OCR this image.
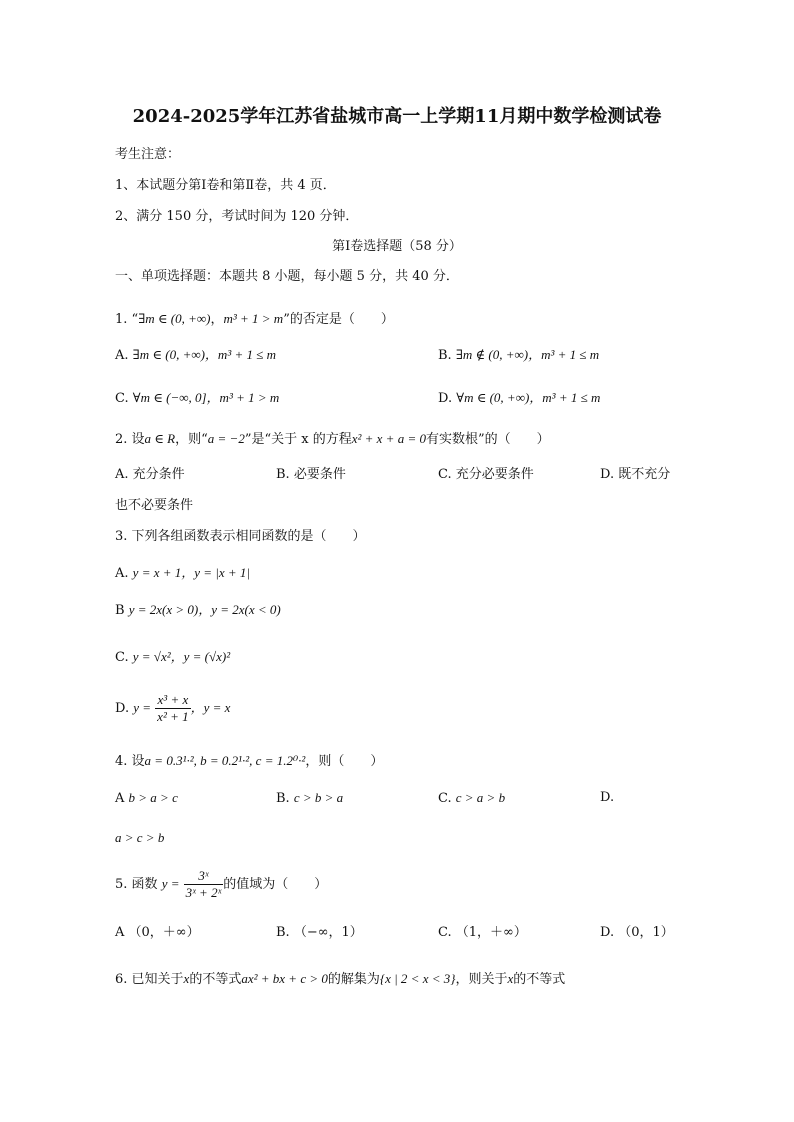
2024-2025学年江苏省盐城市高一上学期11月期中数学检测试卷
考生注意：
1、本试题分第Ⅰ卷和第Ⅱ卷，共 4 页．
2、满分 150 分，考试时间为 120 分钟．
第Ⅰ卷选择题（58 分）
一、单项选择题：本题共 8 小题，每小题 5 分，共 40 分．
1. “∃m ∈ (0, +∞)，m³ + 1 > m”的否定是（　　）
A. ∃m ∈ (0, +∞)，m³ + 1 ≤ m	B. ∃m ∉ (0, +∞)，m³ + 1 ≤ m
C. ∀m ∈ (−∞, 0]，m³ + 1 > m	D. ∀m ∈ (0, +∞)，m³ + 1 ≤ m
2. 设a ∈ R，则“a = −2”是“关于 x 的方程x² + x + a = 0有实数根”的（　　）
A. 充分条件	B. 必要条件	C. 充分必要条件	D. 既不充分
也不必要条件
3. 下列各组函数表示相同函数的是（　　）
A. y = x + 1，y = |x + 1|
B y = 2x(x > 0)，y = 2x(x < 0)
C. y = √x²，y = (√x)²
D. $y = \frac{\text{x³ + x}}{\text{x² + 1}}$ ，y = x
4. 设a = 0.3¹·², b = 0.2¹·², c = 1.2⁰·²，则（　　）
A b > a > c	B. c > b > a	C. c > a > b	D.
a > c > b
5. 函数 $y = \frac{\text{3ˣ}}{\text{3ˣ + 2ˣ}}$ 的值域为（　　）
A （0，＋∞）	B. （−∞，1）	C. （1，＋∞）	D. （0，1）
6. 已知关于x的不等式ax² + bx + c > 0的解集为{x | 2 < x < 3}，则关于x的不等式
